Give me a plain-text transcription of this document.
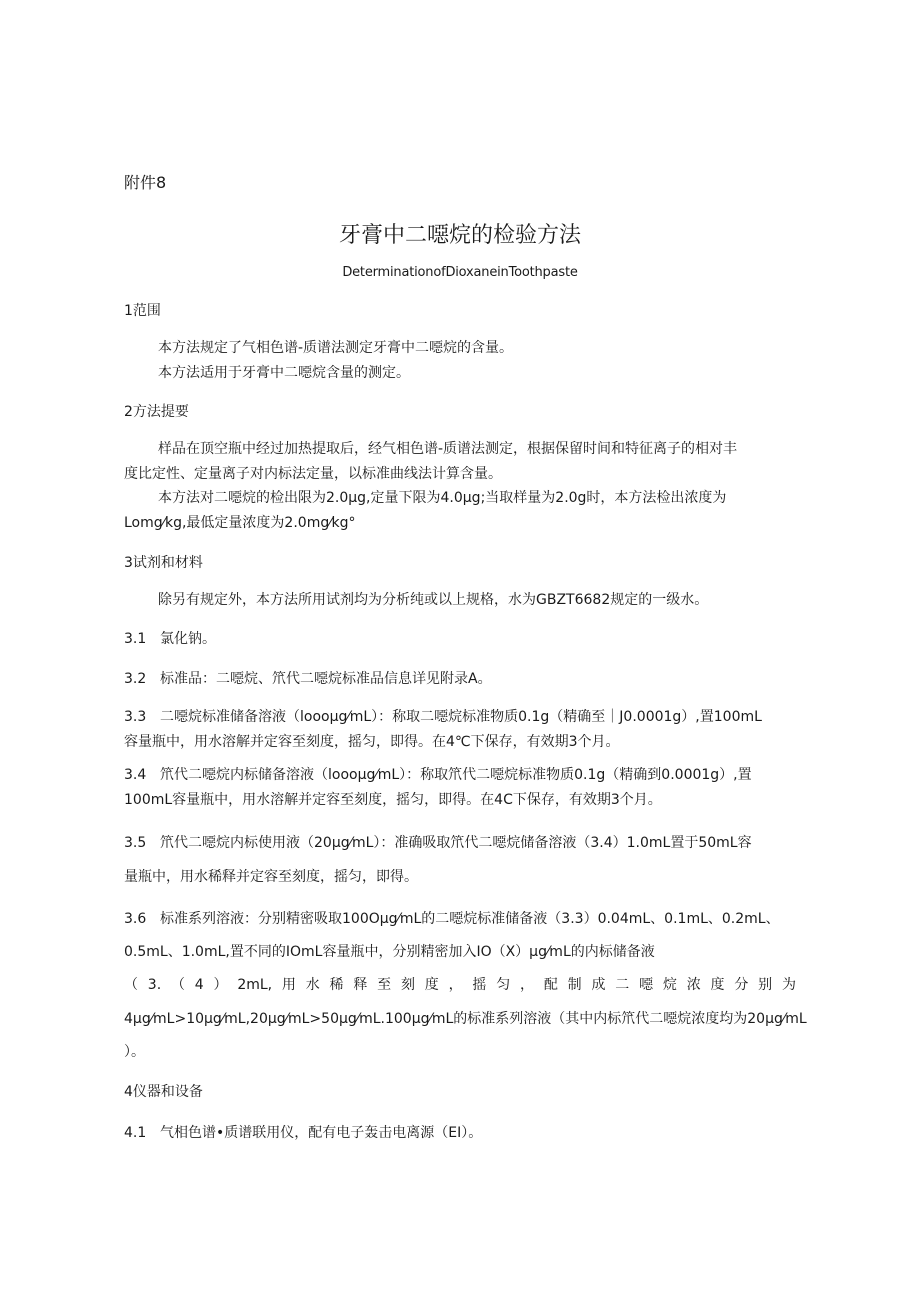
附件8
牙膏中二噁烷的检验方法
DeterminationofDioxaneinToothpaste
1范围
本方法规定了气相色谱-质谱法测定牙膏中二噁烷的含量。
本方法适用于牙膏中二噁烷含量的测定。
2方法提要
样品在顶空瓶中经过加热提取后，经气相色谱-质谱法测定，根据保留时间和特征离子的相对丰
度比定性、定量离子对内标法定量，以标准曲线法计算含量。
本方法对二噁烷的检出限为2.0μg,定量下限为4.0μg;当取样量为2.0g时，本方法检出浓度为
Lomg⁄kg,最低定量浓度为2.0mg⁄kg°
3试剂和材料
除另有规定外，本方法所用试剂均为分析纯或以上规格，水为GBZT6682规定的一级水。
3.1 氯化钠。
3.2 标准品：二噁烷、笊代二噁烷标准品信息详见附录A。
3.3 二噁烷标准储备溶液（looo​μg⁄mL）：称取二噁烷标准物质0.1g（精确至｜J0.0001g）,置100mL
容量瓶中，用水溶解并定容至刻度，摇匀，即得。在4℃下保存，有效期3个月。
3.4 笊代二噁烷内标储备溶液（looo​μg⁄mL）：称取笊代二噁烷标准物质0.1g（精确到0.0001g）,置
100mL容量瓶中，用水溶解并定容至刻度，摇匀，即得。在4C下保存，有效期3个月。
3.5 笊代二噁烷内标使用液（20μg⁄mL）：准确吸取笊代二噁烷储备溶液（3.4）1.0mL置于50mL容
量瓶中，用水稀释并定容至刻度，摇匀，即得。
3.6 标准系列溶液：分别精密吸取100Oμg⁄mL的二噁烷标准储备液（3.3）0.04mL、0.1mL、0.2mL、
0.5mL、1.0mL,置不同的IOmL容量瓶中，分别精密加入IO（X）μg⁄mL的内标储备液
（3.（4）2mL,用水稀释至刻度，摇匀，配制成二噁烷浓度分别为
4μg⁄mL>10μg⁄mL,20μg⁄mL>50μg⁄mL.100μg⁄mL的标准系列溶液（其中内标笊代二噁烷浓度均为20μg⁄mL
）。
4仪器和设备
4.1 气相色谱•质谱联用仪，配有电子轰击电离源（EI）。
